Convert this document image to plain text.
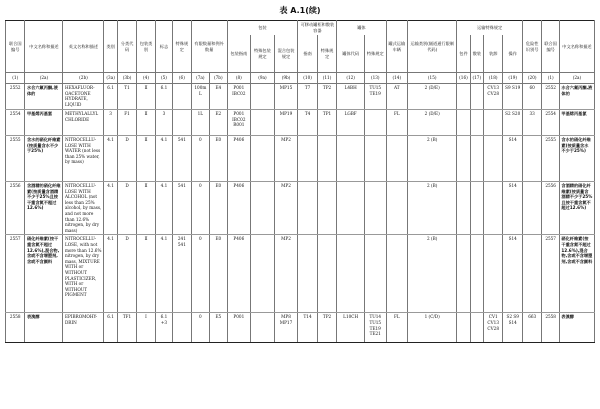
表 A.1(续)
联合国编号	中文名称和描述	英文名称和描述	类别	分类代码	包装类别	标志	特殊规定	有限数量和例外数量		包装			可移动罐柜和散装容器		罐体		罐式运输车辆	运输类别(隧道通行限制代码)	运输特殊规定				危险性识别号	联合国编号	中文名称和描述
										包装指南	特殊包装规定	混合包装规定	指南	特殊规定	罐体代码	特殊规定			包件	散装	装卸	操作			
(1)	(2a)	(2b)	(3a)	(3b)	(4)	(5)	(6)	(7a)	(7b)	(8)	(9a)	(9b)	(10)	(11)	(12)	(13)	(14)	(15)	(16)	(17)	(18)	(19)	(20)	(1)	(2a)
2552	水合六氟丙酮,液体的	HEXAFLUOR-OACETONE HYDRATE, LIQUID	6.1	T1	Ⅱ	6.1		100mL	E4	P001 IBC02		MP15	T7	TP2	L4BH	TU15 TE19	AT	2 (D/E)			CV13 CV28	S9 S19	60	2552	水合六氟丙酮,液体的
2554	甲基烯丙基氯	METHYLALLYL CHLORIDE	3	F1	Ⅱ	3		1L	E2	P001 IBC02 R001		MP19	T4	TP1	LGBF		FL	2 (D/E)				S2 S20	33	2554	甲基烯丙基氯
2555	含水的硝化纤维素(按质量含水不少于25%)	NITROCELLU-LOSE WITH WATER (not less than 25% water, by mass)	4.1	D	Ⅱ	4.1	541	0	E0	P406		MP2						2 (B)				S14		2555	含水的硝化纤维素(按质量含水不少于25%)
2556	含酒精的硝化纤维素(按质量含酒精不少于25%且按干重含氮不超过12.6%)	NITROCELLU-LOSE WITH ALCOHOL (not less than 25% alcohol, by mass, and not more than 12.6% nitrogen, by dry mass)	4.1	D	Ⅱ	4.1	541	0	E0	P406		MP2						2 (B)				S14		2556	含酒精的硝化纤维素(按质量含酒精不少于25%且按干重含氮不超过12.6%)
2557	硝化纤维素(按干重含氮不超过12.6%),混合物,含或不含增塑剂,含或不含颜料	NITROCELLU-LOSE, with not more than 12.6% nitrogen, by dry mass, MIXTURE WITH or WITHOUT PLASTICIZER, WITH or WITHOUT PIGMENT	4.1	D	Ⅱ	4.1	241 541	0	E0	P406		MP2						2 (B)				S14		2557	硝化纤维素(按干重含氮不超过12.6%),混合物,含或不含增塑剂,含或不含颜料
2558	表溴醇	EPIBROMOHY-DRIN	6.1	TF1	Ⅰ	6.1 +3		0	E5	P001		MP8 MP17	T14	TP2	L10CH	TU14 TU15 TE19 TE21	FL	1 (C/D)			CV1 CV13 CV28	S2 S9 S14	663	2558	表溴醇
